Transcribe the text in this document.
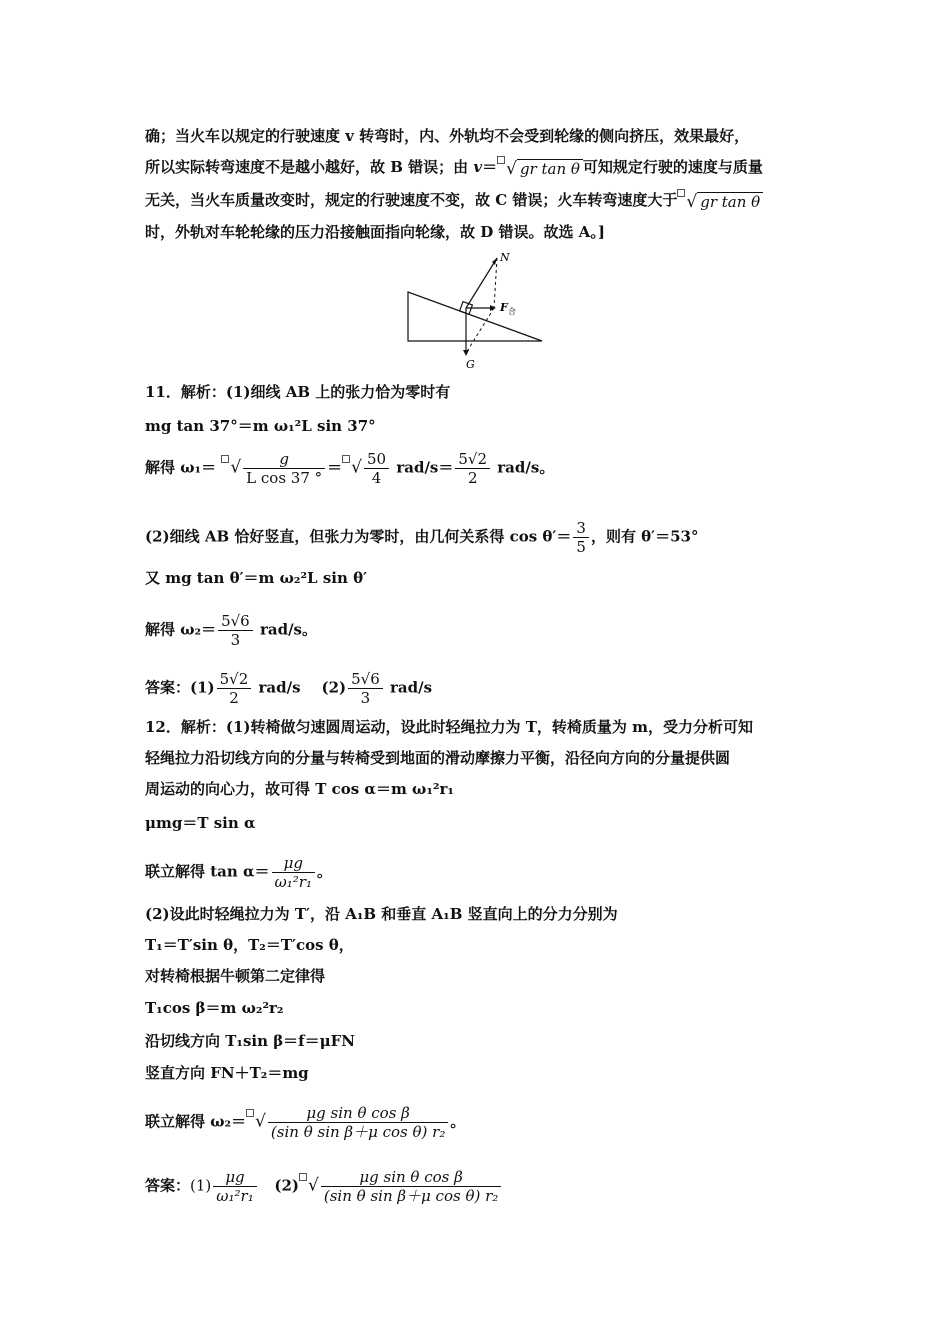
确；当火车以规定的行驶速度 v 转弯时，内、外轨均不会受到轮缘的侧向挤压，效果最好，
所以实际转弯速度不是越小越好，故 B 错误；由 v＝ √ gr tan θ 可知规定行驶的速度与质量
无关，当火车质量改变时，规定的行驶速度不变，故 C 错误；火车转弯速度大于 √ gr tan θ
时，外轨对车轮轮缘的压力沿接触面指向轮缘，故 D 错误。故选 A。]
N
F 合
G
11．解析：(1)细线 AB 上的张力恰为零时有
mg tan 37°＝m ω₁²L sin 37°
解得 ω₁＝ √ $\frac{g}{\text{L cos 37 °}}$ ＝ √ $\frac{50}{4} rad/s= \frac{5√2}{2} rad/s$。
(2)细线 AB 恰好竖直，但张力为零时，由几何关系得 $\cos \theta'= \frac{3}{5}$ ，则有 θ′＝53°
又 mg tan θ′＝m ω₂²L sin θ′
解得 $\omega_2= \frac{5√6}{3} rad/s$。
答案：$(1) \frac{5√2}{2} rad/s$ $(2) \frac{5√6}{3} rad/s$
12．解析：(1)转椅做匀速圆周运动，设此时轻绳拉力为 T，转椅质量为 m，受力分析可知
轻绳拉力沿切线方向的分量与转椅受到地面的滑动摩擦力平衡，沿径向方向的分量提供圆
周运动的向心力，故可得 T cos α＝m ω₁²r₁
μmg＝T sin α
联立解得 $\tan \alpha= \frac{\mu g}{\text{ω₁²r₁}}$ 。
(2)设此时轻绳拉力为 T′，沿 A₁B 和垂直 A₁B 竖直向上的分力分别为
T₁＝T′sin θ，T₂＝T′cos θ，
对转椅根据牛顿第二定律得
T₁cos β＝m ω₂²r₂
沿切线方向 T₁sin β＝f＝μFN
竖直方向 FN＋T₂＝mg
联立解得 ω₂＝ √ $\frac{\text{μg sin θ cos β}}{\text{(sin θ sin β＋μ cos θ) r₂}}$ 。
答案：$(1) \frac{\mu g}{\text{ω₁²r₁}} (2)$ √ $\frac{\text{μg sin θ cos β}}{\text{(sin θ sin β＋μ cos θ) r₂}}$
